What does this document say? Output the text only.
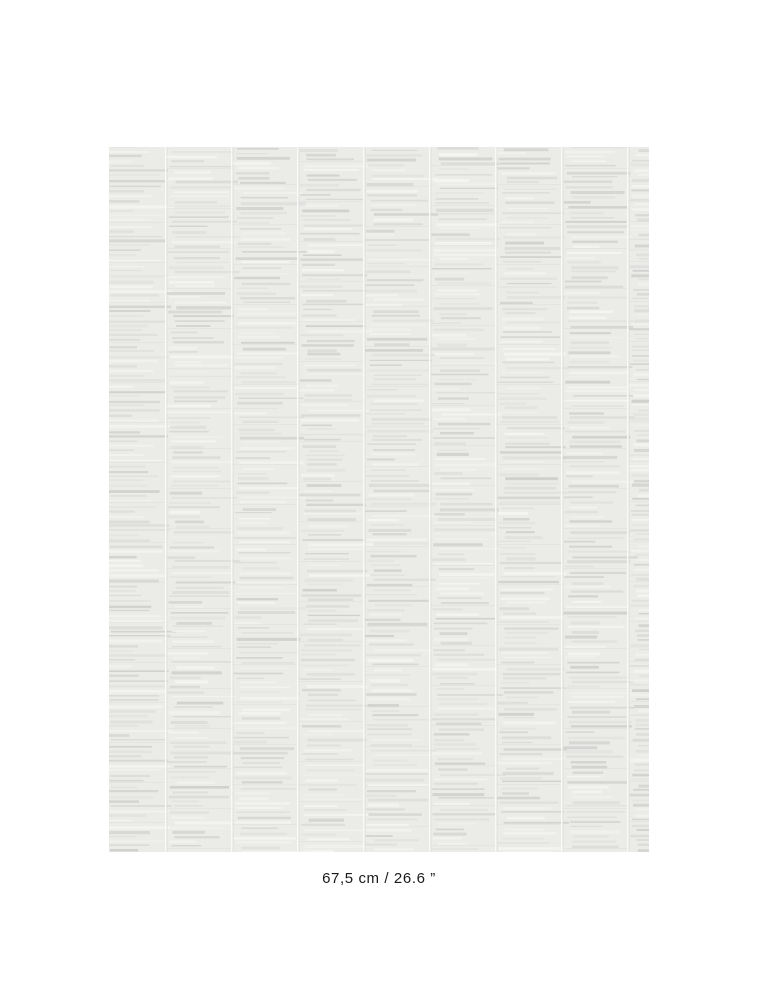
67,5 cm / 26.6 ”
